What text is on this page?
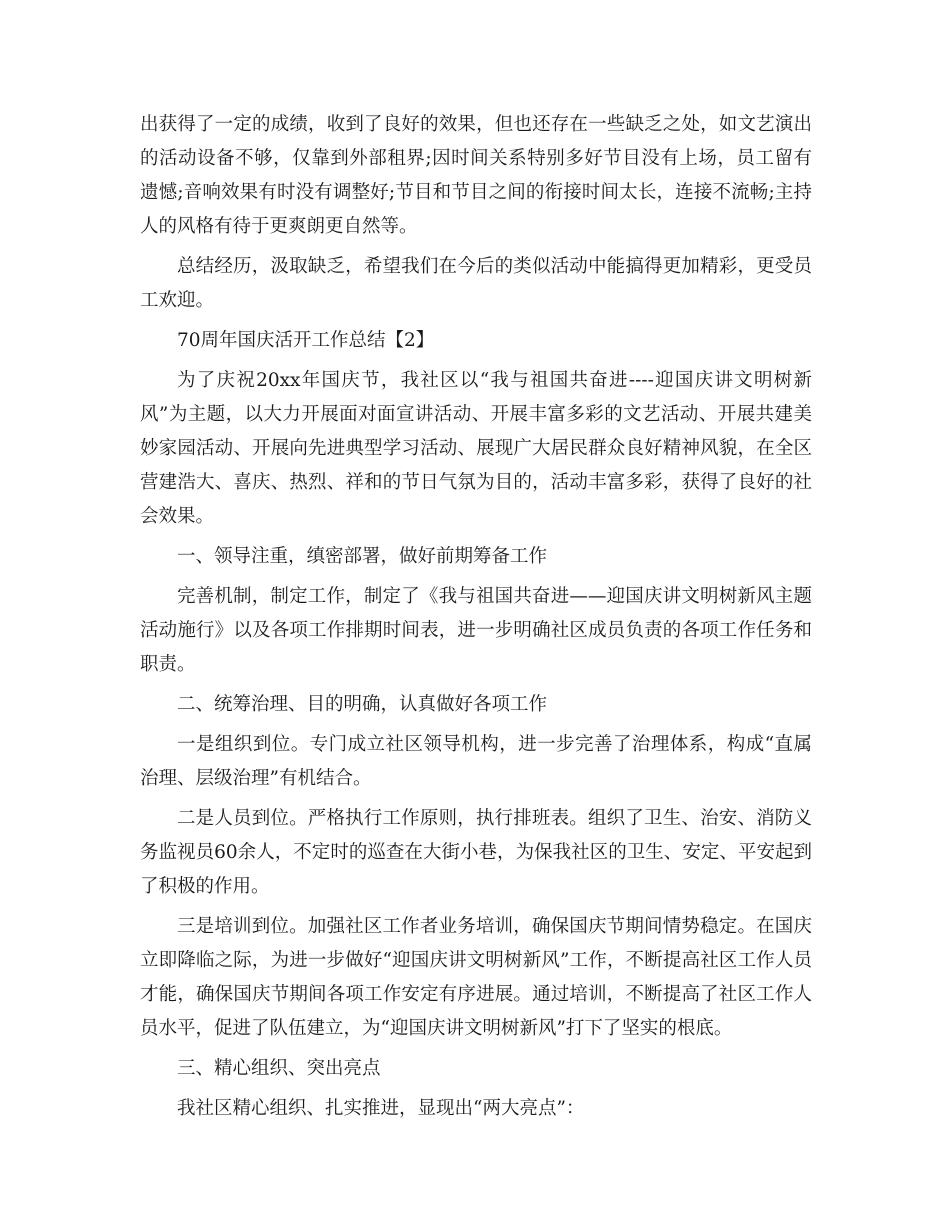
出获得了一定的成绩，收到了良好的效果，但也还存在一些缺乏之处，如文艺演出的活动设备不够，仅靠到外部租界;因时间关系特别多好节目没有上场，员工留有遗憾;音响效果有时没有调整好;节目和节目之间的衔接时间太长，连接不流畅;主持人的风格有待于更爽朗更自然等。

总结经历，汲取缺乏，希望我们在今后的类似活动中能搞得更加精彩，更受员工欢迎。

70周年国庆活开工作总结【2】

为了庆祝20xx年国庆节，我社区以“我与祖国共奋进----迎国庆讲文明树新风”为主题，以大力开展面对面宣讲活动、开展丰富多彩的文艺活动、开展共建美妙家园活动、开展向先进典型学习活动、展现广大居民群众良好精神风貌，在全区营建浩大、喜庆、热烈、祥和的节日气氛为目的，活动丰富多彩，获得了良好的社会效果。

一、领导注重，缜密部署，做好前期筹备工作

完善机制，制定工作，制定了《我与祖国共奋进——迎国庆讲文明树新风主题活动施行》以及各项工作排期时间表，进一步明确社区成员负责的各项工作任务和职责。

二、统筹治理、目的明确，认真做好各项工作

一是组织到位。专门成立社区领导机构，进一步完善了治理体系，构成“直属治理、层级治理”有机结合。

二是人员到位。严格执行工作原则，执行排班表。组织了卫生、治安、消防义务监视员60余人，不定时的巡查在大街小巷，为保我社区的卫生、安定、平安起到了积极的作用。

三是培训到位。加强社区工作者业务培训，确保国庆节期间情势稳定。在国庆立即降临之际，为进一步做好“迎国庆讲文明树新风”工作，不断提高社区工作人员才能，确保国庆节期间各项工作安定有序进展。通过培训，不断提高了社区工作人员水平，促进了队伍建立，为“迎国庆讲文明树新风”打下了坚实的根底。

三、精心组织、突出亮点

我社区精心组织、扎实推进，显现出“两大亮点”：
